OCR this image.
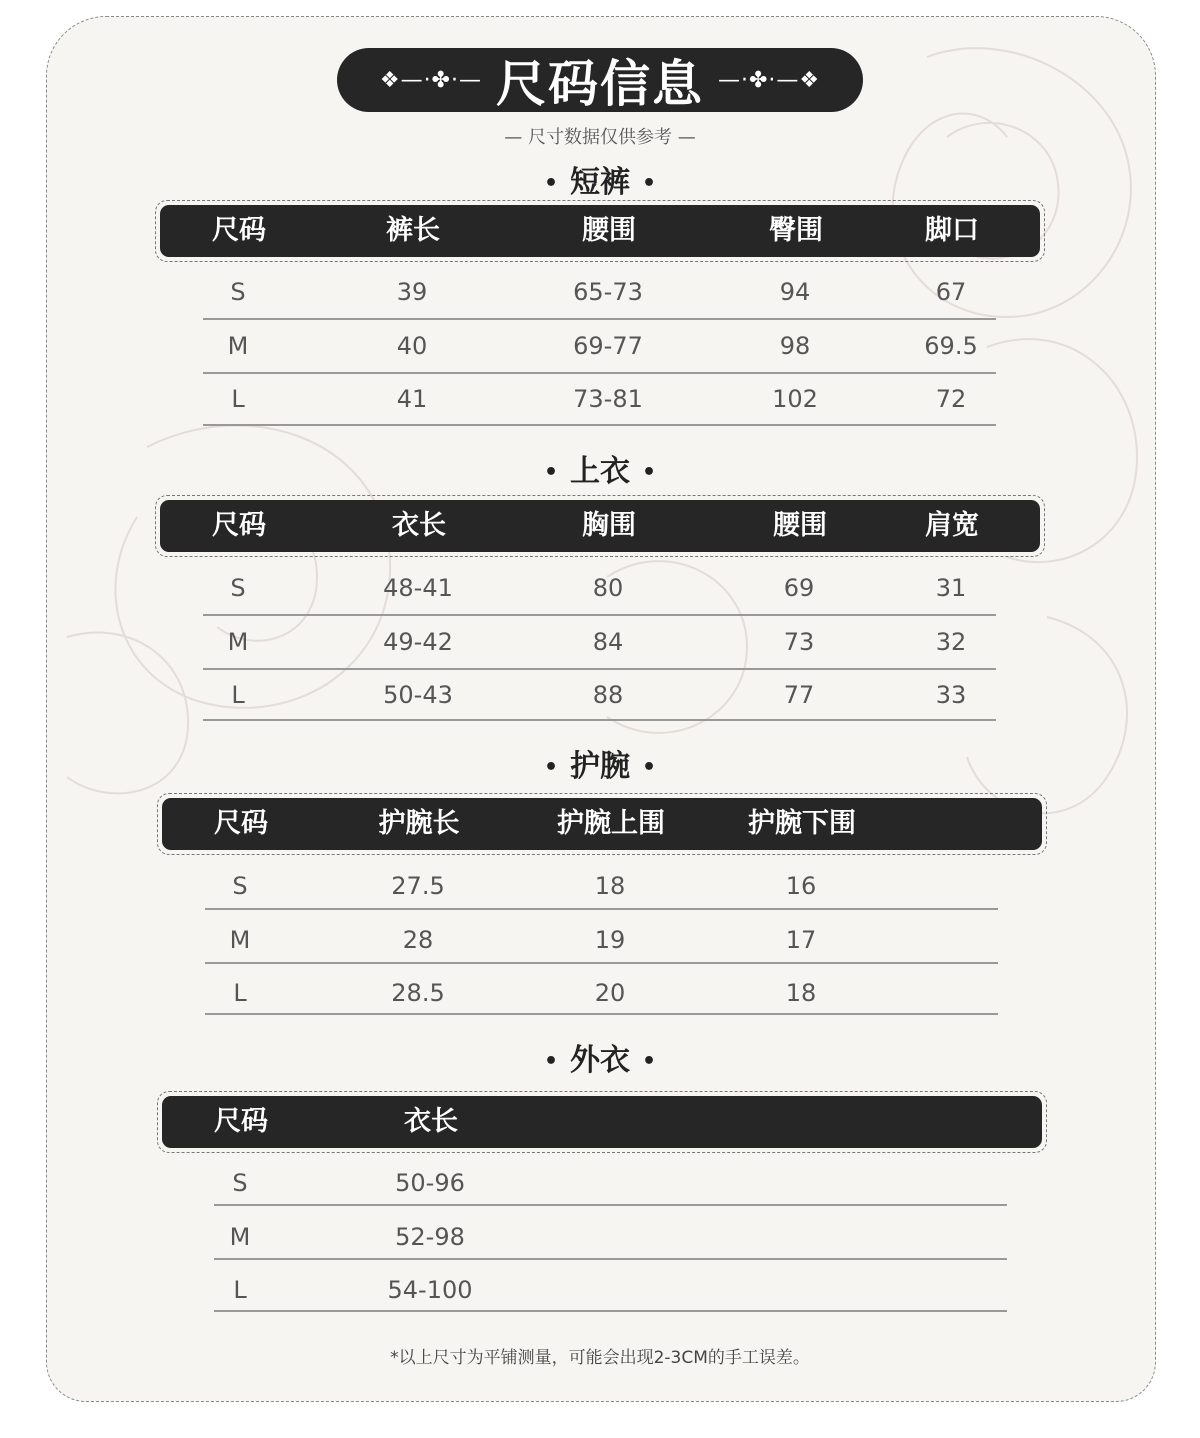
❖—·✤·— 尺码信息 —·✤·—❖
— 尺寸数据仅供参考 —
• 短裤 •
尺码	裤长	腰围	臀围	脚口
S	39	65-73	94	67
M	40	69-77	98	69.5
L	41	73-81	102	72
• 上衣 •
尺码	衣长	胸围	腰围	肩宽
S	48-41	80	69	31
M	49-42	84	73	32
L	50-43	88	77	33
• 护腕 •
尺码	护腕长	护腕上围	护腕下围
S	27.5	18	16
M	28	19	17
L	28.5	20	18
• 外衣 •
尺码	衣长
S	50-96
M	52-98
L	54-100
*以上尺寸为平铺测量，可能会出现2-3CM的手工误差。
